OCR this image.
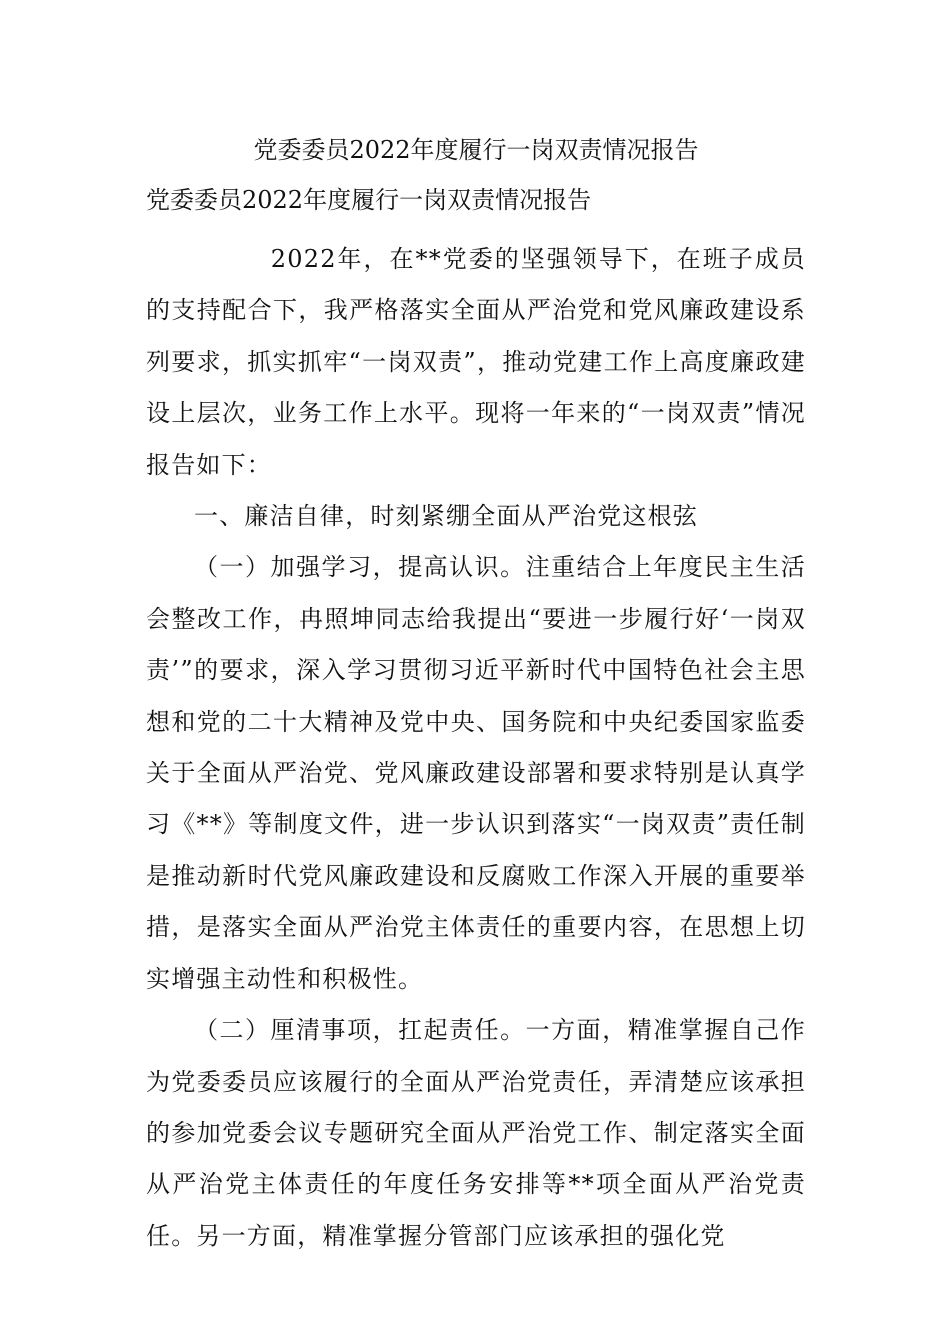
党委委员2022年度履行一岗双责情况报告
党委委员2022年度履行一岗双责情况报告

2022年，在**党委的坚强领导下，在班子成员的支持配合下，我严格落实全面从严治党和党风廉政建设系列要求，抓实抓牢“一岗双责”，推动党建工作上高度廉政建设上层次，业务工作上水平。现将一年来的“一岗双责”情况报告如下：

一、廉洁自律，时刻紧绷全面从严治党这根弦

（一）加强学习，提高认识。注重结合上年度民主生活会整改工作，冉照坤同志给我提出“要进一步履行好‘一岗双责’”的要求，深入学习贯彻习近平新时代中国特色社会主思想和党的二十大精神及党中央、国务院和中央纪委国家监委关于全面从严治党、党风廉政建设部署和要求特别是认真学习《**》等制度文件，进一步认识到落实“一岗双责”责任制是推动新时代党风廉政建设和反腐败工作深入开展的重要举措，是落实全面从严治党主体责任的重要内容，在思想上切实增强主动性和积极性。

（二）厘清事项，扛起责任。一方面，精准掌握自己作为党委委员应该履行的全面从严治党责任，弄清楚应该承担的参加党委会议专题研究全面从严治党工作、制定落实全面从严治党主体责任的年度任务安排等**项全面从严治党责任。另一方面，精准掌握分管部门应该承担的强化党
